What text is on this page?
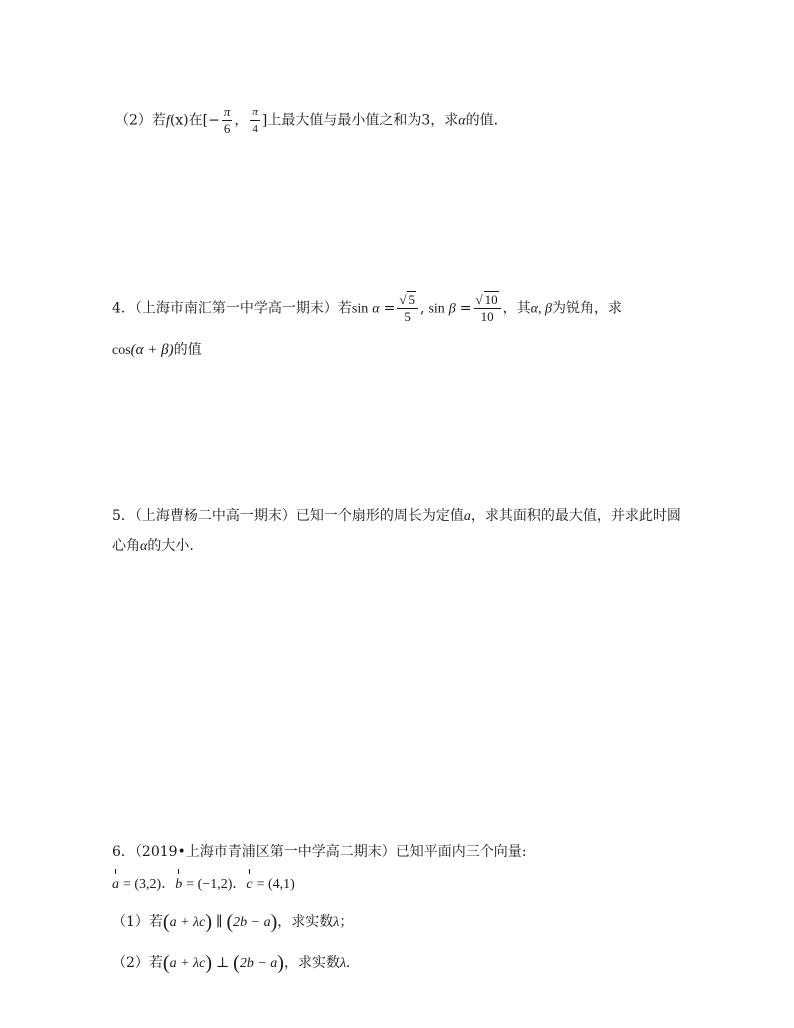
（2）若f(x)在[− $\frac{\pi}{6}$ ， $\frac{\pi}{4}$ ]上最大值与最小值之和为3，求α的值．
4．（上海市南汇第一中学高一期末）若$\sin \alpha = \frac{√ 5}{5}$ , $\sin \beta = \frac{√ 10}{10}$ ，其α, β为锐角，求
cos(α + β)的值
5．（上海曹杨二中高一期末）已知一个扇形的周长为定值a，求其面积的最大值，并求此时圆
心角α的大小.
6．（2019•上海市青浦区第一中学高二期末）已知平面内三个向量:
a = (3,2)．b = (−1,2)．c = (4,1)
（1）若(a + λc) ∥ (2b − a)，求实数λ；
（2）若(a + λc) ⊥ (2b − a)，求实数λ．
